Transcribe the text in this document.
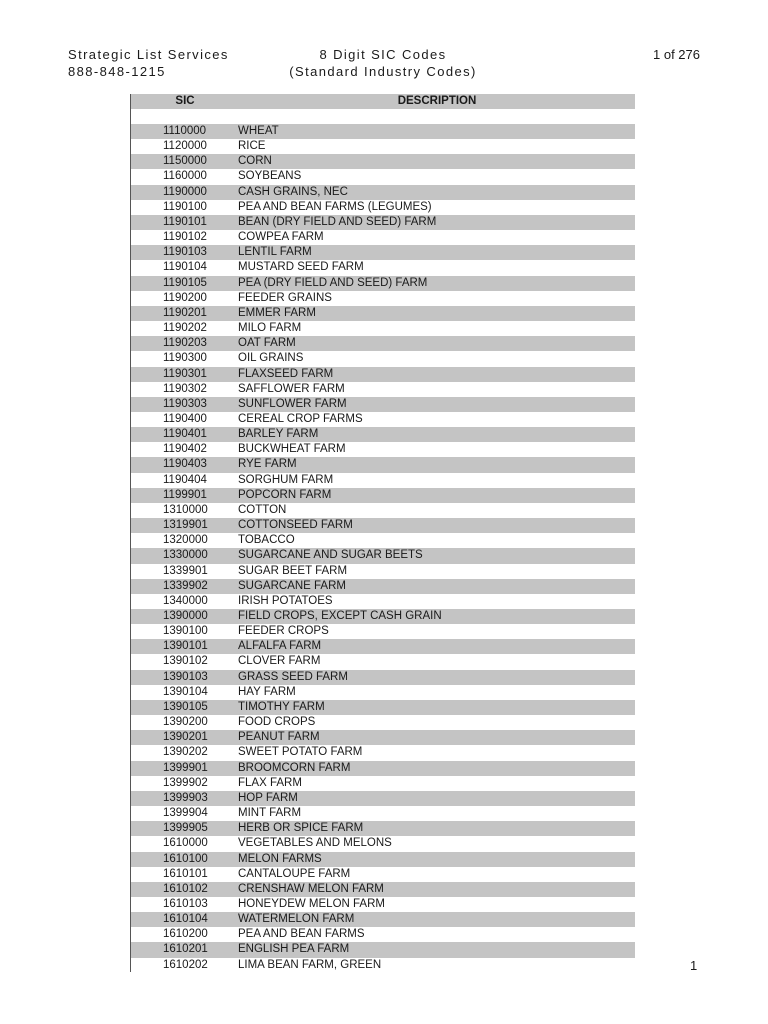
Strategic List Services
888-848-1215
8 Digit SIC Codes
(Standard Industry Codes)
1 of 276
SIC	DESCRIPTION
1110000	WHEAT
1120000	RICE
1150000	CORN
1160000	SOYBEANS
1190000	CASH GRAINS, NEC
1190100	PEA AND BEAN FARMS (LEGUMES)
1190101	BEAN (DRY FIELD AND SEED) FARM
1190102	COWPEA FARM
1190103	LENTIL FARM
1190104	MUSTARD SEED FARM
1190105	PEA (DRY FIELD AND SEED) FARM
1190200	FEEDER GRAINS
1190201	EMMER FARM
1190202	MILO FARM
1190203	OAT FARM
1190300	OIL GRAINS
1190301	FLAXSEED FARM
1190302	SAFFLOWER FARM
1190303	SUNFLOWER FARM
1190400	CEREAL CROP FARMS
1190401	BARLEY FARM
1190402	BUCKWHEAT FARM
1190403	RYE FARM
1190404	SORGHUM FARM
1199901	POPCORN FARM
1310000	COTTON
1319901	COTTONSEED FARM
1320000	TOBACCO
1330000	SUGARCANE AND SUGAR BEETS
1339901	SUGAR BEET FARM
1339902	SUGARCANE FARM
1340000	IRISH POTATOES
1390000	FIELD CROPS, EXCEPT CASH GRAIN
1390100	FEEDER CROPS
1390101	ALFALFA FARM
1390102	CLOVER FARM
1390103	GRASS SEED FARM
1390104	HAY FARM
1390105	TIMOTHY FARM
1390200	FOOD CROPS
1390201	PEANUT FARM
1390202	SWEET POTATO FARM
1399901	BROOMCORN FARM
1399902	FLAX FARM
1399903	HOP FARM
1399904	MINT FARM
1399905	HERB OR SPICE FARM
1610000	VEGETABLES AND MELONS
1610100	MELON FARMS
1610101	CANTALOUPE FARM
1610102	CRENSHAW MELON FARM
1610103	HONEYDEW MELON FARM
1610104	WATERMELON FARM
1610200	PEA AND BEAN FARMS
1610201	ENGLISH PEA FARM
1610202	LIMA BEAN FARM, GREEN	1
